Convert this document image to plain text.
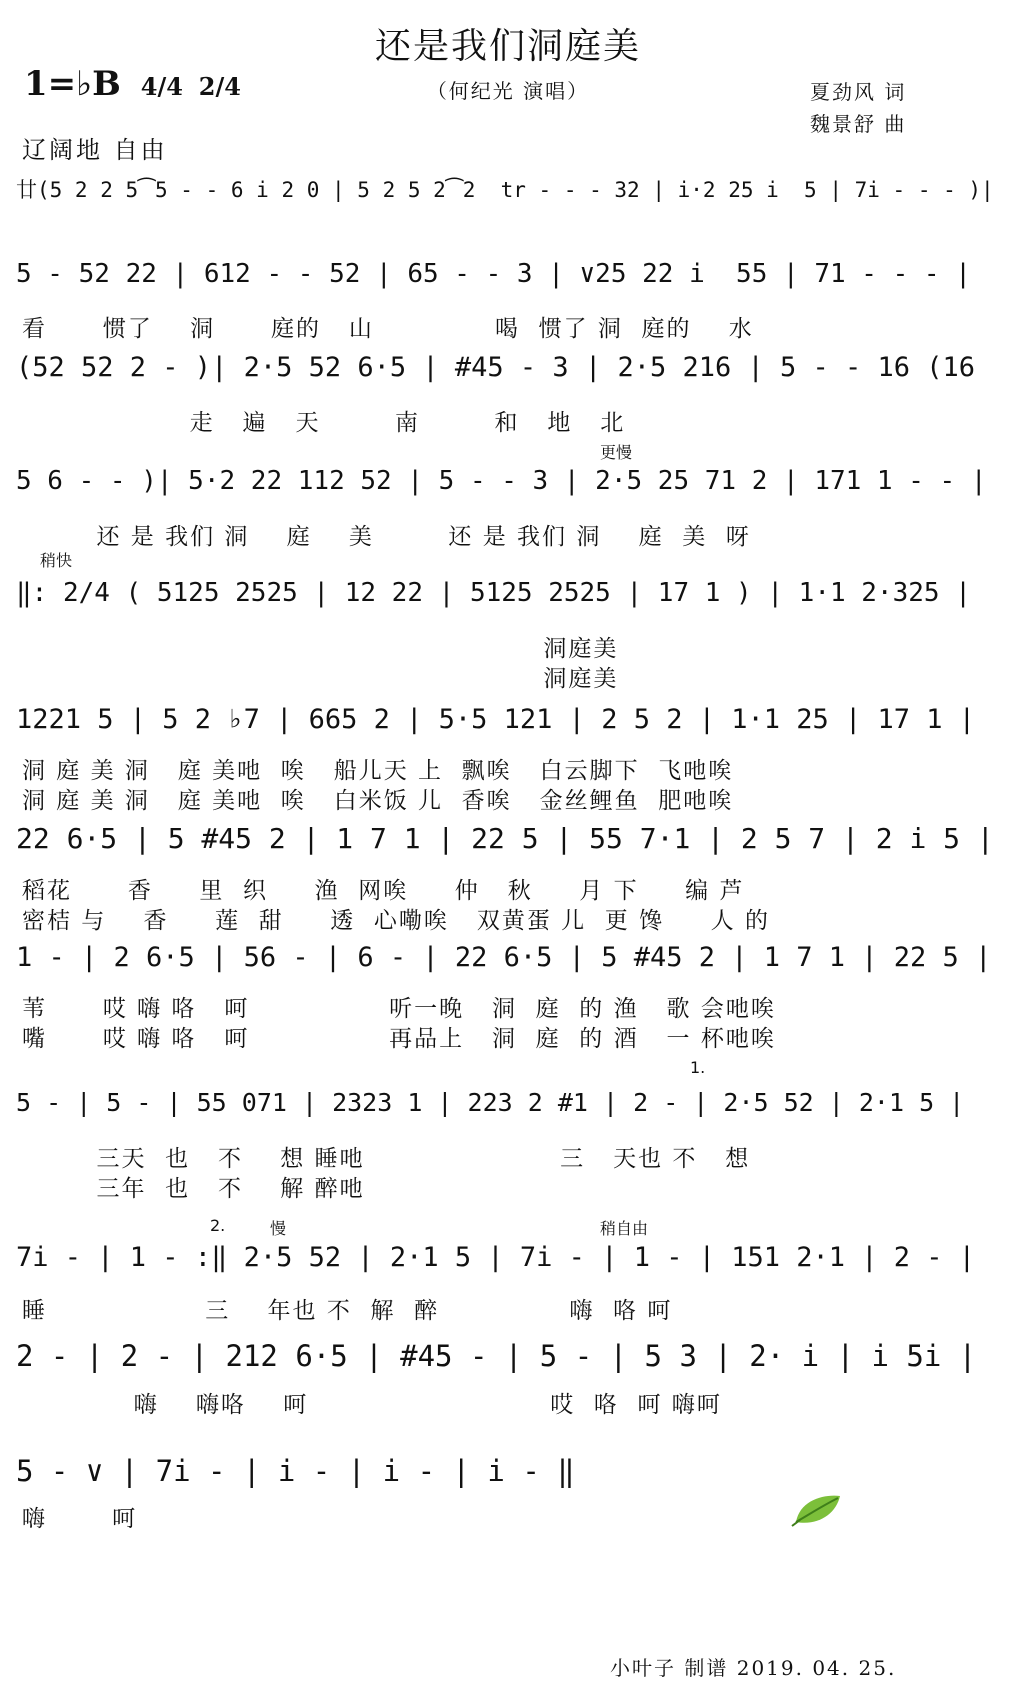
还是我们洞庭美
（何纪光 演唱）
1=♭B 4/4 2/4	夏劲风 词
魏景舒 曲
辽阔地 自由
廿(5 2 2 5⁀5 - - 6 i 2 0 | 5 2 5 2⁀2  tr - - - 32 | i·2 25 i  5 | 7i - - - )|
5 - 52 22 | 612 - - 52 | 65 - - 3 | ∨25 22 i  55 | 71 - - - |
看      惯了    洞      庭的   山             喝  惯了 洞  庭的    水
(52 52 2 - )| 2·5 52 6·5 | #45 - 3 | 2·5 216 | 5 - - 16 (16
走   遍   天        南        和   地   北
更慢
5 6 - - )| 5·2 22 112 52 | 5 - - 3 | 2·5 25 71 2 | 171 1 - - |
还 是 我们 洞    庭    美        还 是 我们 洞    庭  美  呀
稍快
‖: 2/4 ( 5125 2525 | 12 22 | 5125 2525 | 17 1 ) | 1·1 2·325 |
洞庭美
洞庭美
1221 5 | 5 2 ♭7 | 665 2 | 5·5 121 | 2 5 2 | 1·1 25 | 17 1 |
洞 庭 美 洞   庭 美吔  唉   船儿天 上  飘唉   白云脚下  飞吔唉
洞 庭 美 洞   庭 美吔  唉   白米饭 儿  香唉   金丝鲤鱼  肥吔唉
22 6·5 | 5 #45 2 | 1 7 1 | 22 5 | 55 7·1 | 2 5 7 | 2 i 5 |
稻花      香     里  织     渔  网唉     仲   秋     月 下     编 芦
密桔 与    香     莲  甜     透  心嘞唉   双黄蛋 儿  更 馋     人 的
1 - | 2 6·5 | 56 - | 6 - | 22 6·5 | 5 #45 2 | 1 7 1 | 22 5 |
苇      哎 嗨 咯   呵               听一晚   洞  庭  的 渔   歌 会吔唉
嘴      哎 嗨 咯   呵               再品上   洞  庭  的 酒   一 杯吔唉
1.
5 - | 5 - | 55 071 | 2323 1 | 223 2 #1 | 2 - | 2·5 52 | 2·1 5 |
三天  也   不    想 睡吔                     三   天也 不   想
三年  也   不    解 醉吔
2.	慢	稍自由
7i - | 1 - :‖ 2·5 52 | 2·1 5 | 7i - | 1 - | 151 2·1 | 2 - |
睡                 三    年也 不  解  醉              嗨  咯 呵
2 - | 2 - | 212 6·5 | #45 - | 5 - | 5 3 | 2· i | i 5i |
嗨    嗨咯    呵                          哎  咯  呵 嗨呵
5 - ∨ | 7i - | i - | i - | i - ‖
嗨       呵
小叶子 制谱 2019. 04. 25.
